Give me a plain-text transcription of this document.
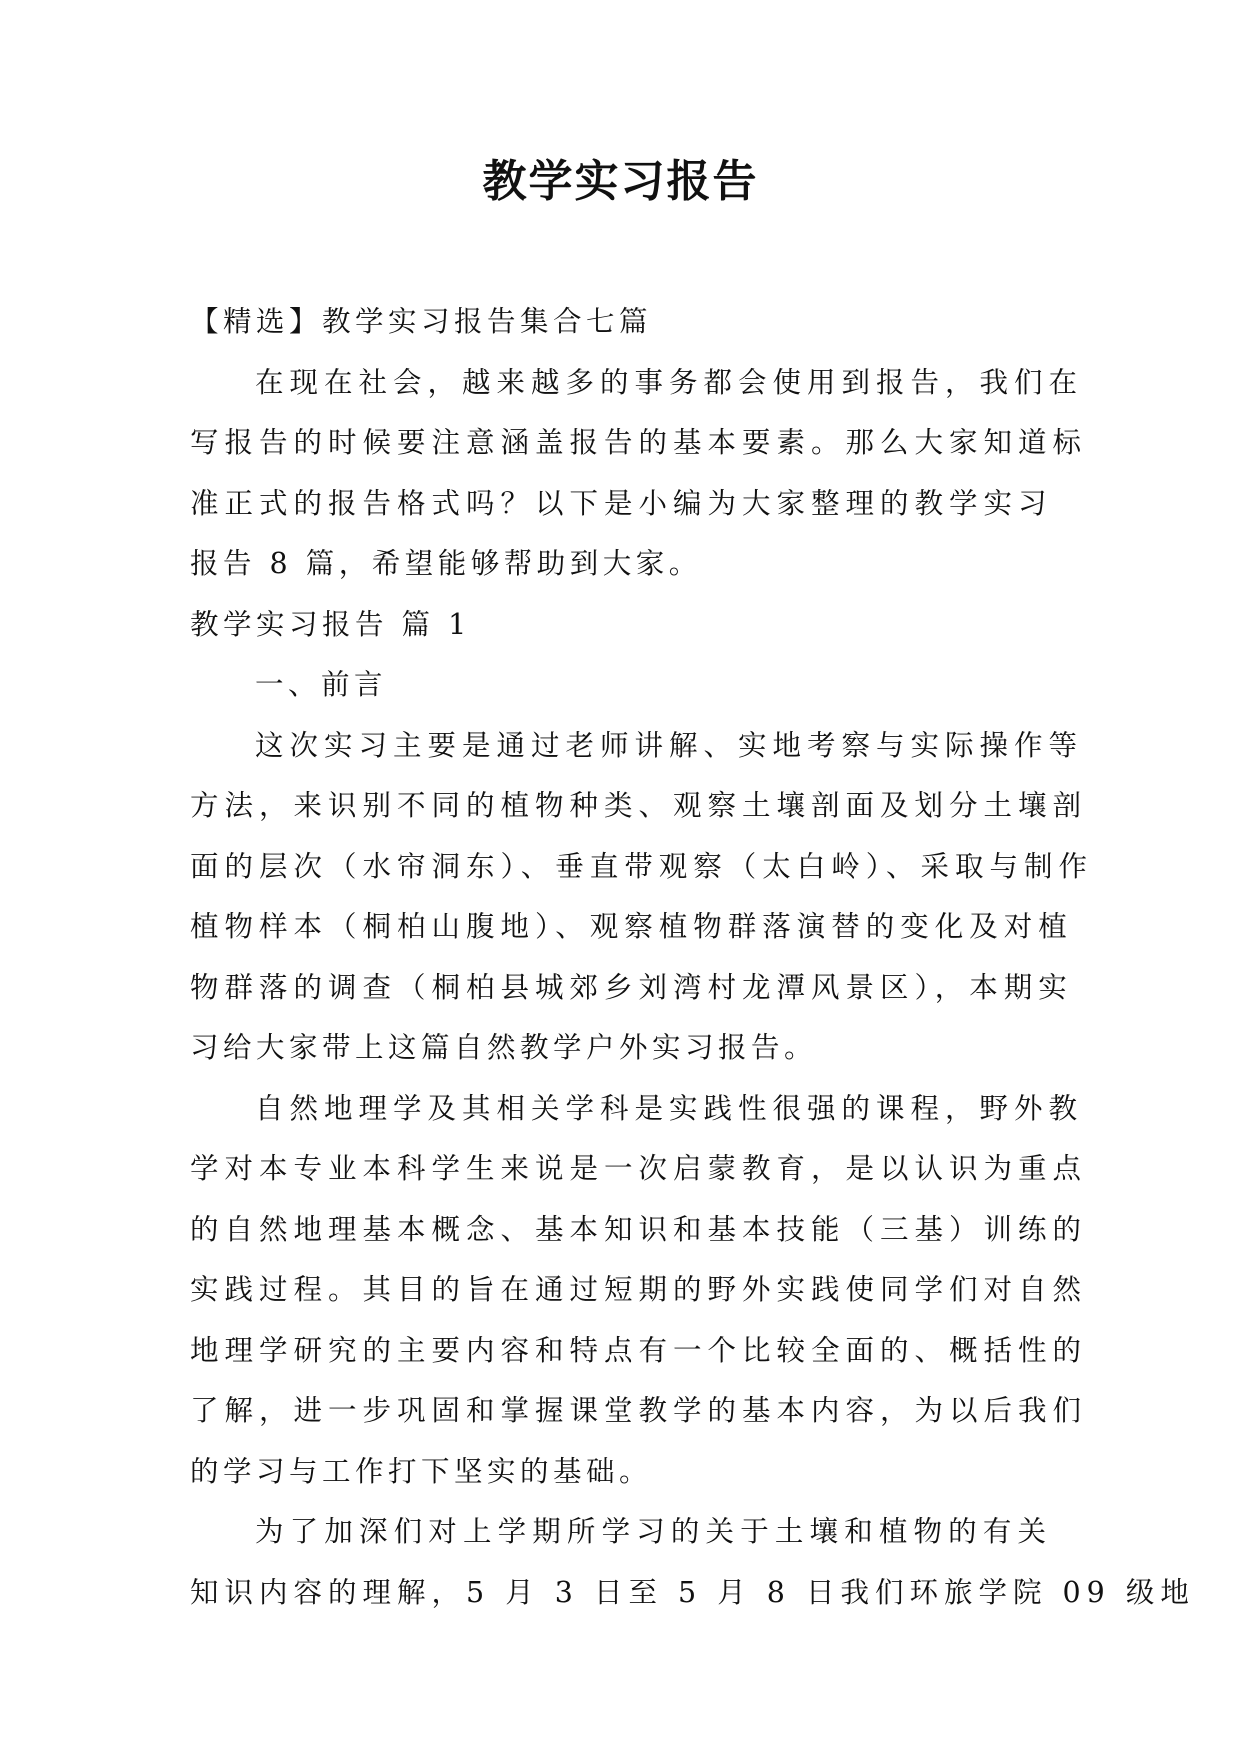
教学实习报告
【精选】教学实习报告集合七篇
在现在社会，越来越多的事务都会使用到报告，我们在
写报告的时候要注意涵盖报告的基本要素。那么大家知道标
准正式的报告格式吗？以下是小编为大家整理的教学实习
报告 8 篇，希望能够帮助到大家。
教学实习报告 篇 1
一、前言
这次实习主要是通过老师讲解、实地考察与实际操作等
方法，来识别不同的植物种类、观察土壤剖面及划分土壤剖
面的层次（水帘洞东）、垂直带观察（太白岭）、采取与制作
植物样本（桐柏山腹地）、观察植物群落演替的变化及对植
物群落的调查（桐柏县城郊乡刘湾村龙潭风景区），本期实
习给大家带上这篇自然教学户外实习报告。
自然地理学及其相关学科是实践性很强的课程，野外教
学对本专业本科学生来说是一次启蒙教育，是以认识为重点
的自然地理基本概念、基本知识和基本技能（三基）训练的
实践过程。其目的旨在通过短期的野外实践使同学们对自然
地理学研究的主要内容和特点有一个比较全面的、概括性的
了解，进一步巩固和掌握课堂教学的基本内容，为以后我们
的学习与工作打下坚实的基础。
为了加深们对上学期所学习的关于土壤和植物的有关
知识内容的理解，5 月 3 日至 5 月 8 日我们环旅学院 09 级地
